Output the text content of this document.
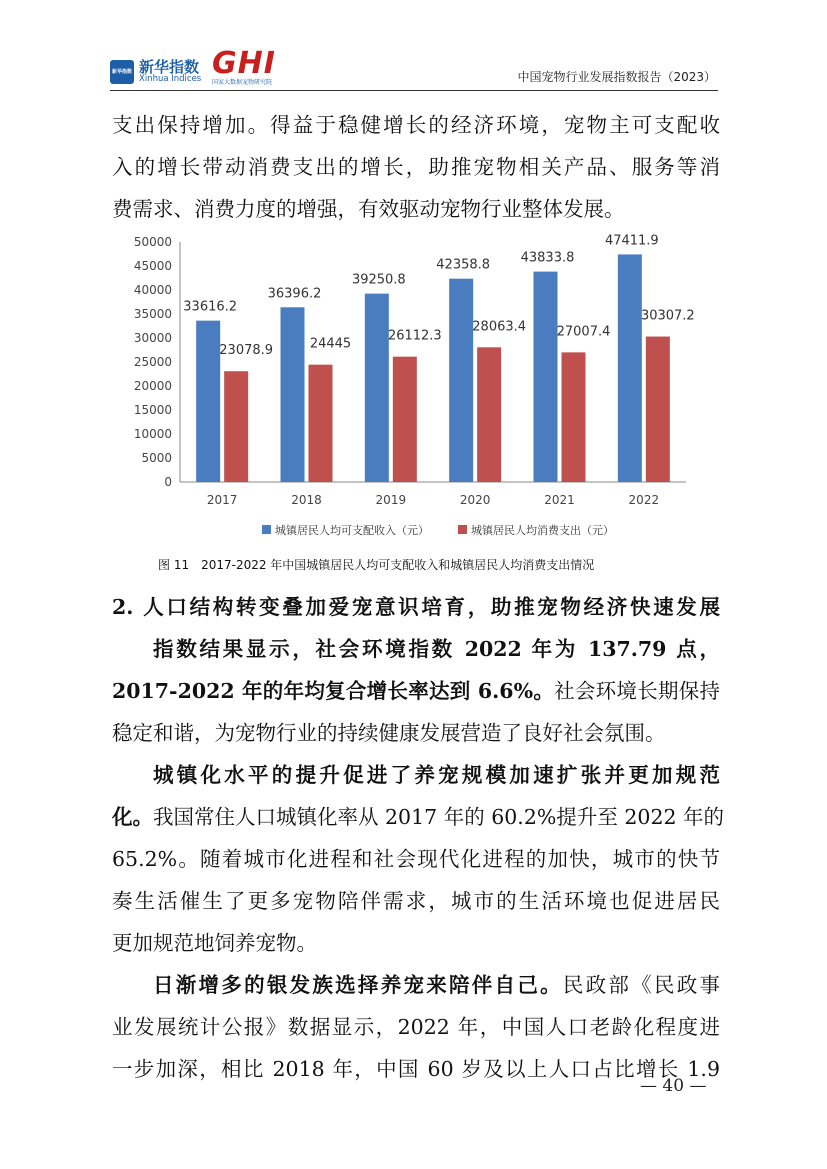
新华指数 新华指数
Xinhua Indices GHI
国家大数据宠物研究院	中国宠物行业发展指数报告（2023）
支出保持增加。得益于稳健增长的经济环境，宠物主可支配收
入的增长带动消费支出的增长，助推宠物相关产品、服务等消
费需求、消费力度的增强，有效驱动宠物行业整体发展。
0
5000
10000
15000
20000
25000
30000
35000
40000
45000
50000
2017
33616.2
23078.9
2018
36396.2
24445
2019
39250.8
26112.3
2020
42358.8
28063.4
2021
43833.8
27007.4
2022
47411.9
30307.2
城镇居民人均可支配收入（元）	城镇居民人均消费支出（元）
图 11　2017-2022 年中国城镇居民人均可支配收入和城镇居民人均消费支出情况
2. 人口结构转变叠加爱宠意识培育，助推宠物经济快速发展
指数结果显示，社会环境指数 2022 年为 137.79 点，
2017-2022 年的年均复合增长率达到 6.6%。社会环境长期保持
稳定和谐，为宠物行业的持续健康发展营造了良好社会氛围。
城镇化水平的提升促进了养宠规模加速扩张并更加规范
化。我国常住人口城镇化率从 2017 年的 60.2%提升至 2022 年的
65.2%。随着城市化进程和社会现代化进程的加快，城市的快节
奏生活催生了更多宠物陪伴需求，城市的生活环境也促进居民
更加规范地饲养宠物。
日渐增多的银发族选择养宠来陪伴自己。民政部《民政事
业发展统计公报》数据显示，2022 年，中国人口老龄化程度进
一步加深，相比 2018 年，中国 60 岁及以上人口占比增长 1.9
— 40 —
